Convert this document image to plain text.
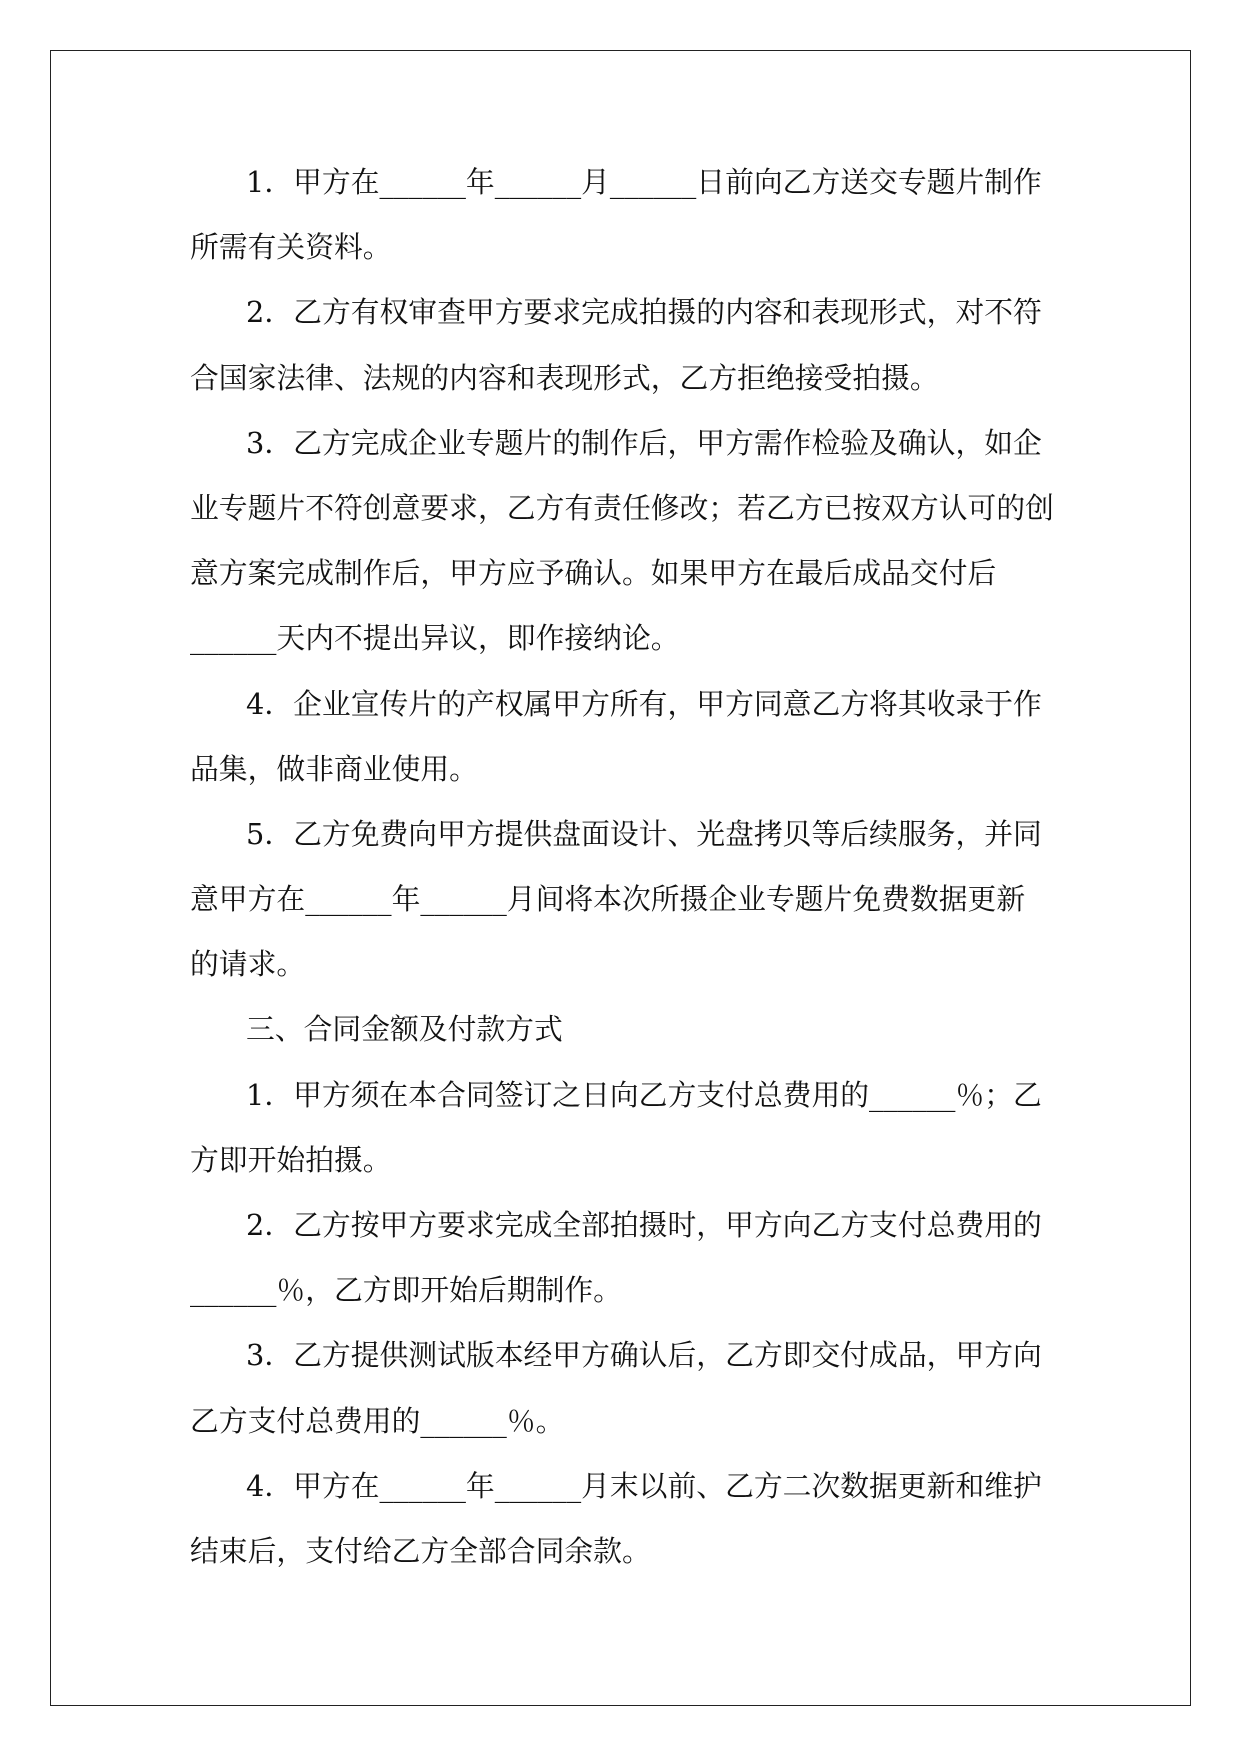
1．甲方在______年______月______日前向乙方送交专题片制作
所需有关资料。
2．乙方有权审查甲方要求完成拍摄的内容和表现形式，对不符
合国家法律、法规的内容和表现形式，乙方拒绝接受拍摄。
3．乙方完成企业专题片的制作后，甲方需作检验及确认，如企
业专题片不符创意要求，乙方有责任修改；若乙方已按双方认可的创
意方案完成制作后，甲方应予确认。如果甲方在最后成品交付后
______天内不提出异议，即作接纳论。
4．企业宣传片的产权属甲方所有，甲方同意乙方将其收录于作
品集，做非商业使用。
5．乙方免费向甲方提供盘面设计、光盘拷贝等后续服务，并同
意甲方在______年______月间将本次所摄企业专题片免费数据更新
的请求。
三、合同金额及付款方式
1．甲方须在本合同签订之日向乙方支付总费用的______％；乙
方即开始拍摄。
2．乙方按甲方要求完成全部拍摄时，甲方向乙方支付总费用的
______％，乙方即开始后期制作。
3．乙方提供测试版本经甲方确认后，乙方即交付成品，甲方向
乙方支付总费用的______％。
4．甲方在______年______月末以前、乙方二次数据更新和维护
结束后，支付给乙方全部合同余款。
